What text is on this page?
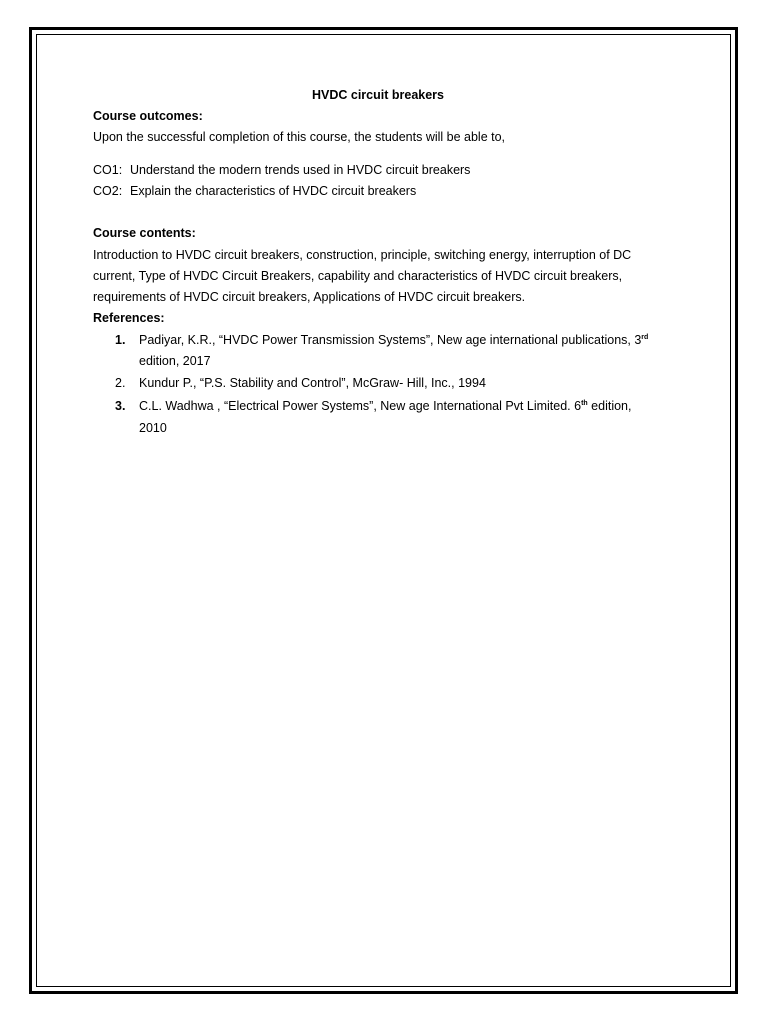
HVDC circuit breakers
Course outcomes:
Upon the successful completion of this course, the students will be able to,
CO1: Understand the modern trends used in HVDC circuit breakers
CO2: Explain the characteristics of HVDC circuit breakers
Course contents:
Introduction to HVDC circuit breakers, construction, principle, switching energy, interruption of DC
current, Type of HVDC Circuit Breakers, capability and characteristics of HVDC circuit breakers,
requirements of HVDC circuit breakers, Applications of HVDC circuit breakers.
References:
1. Padiyar, K.R., “HVDC Power Transmission Systems”, New age international publications, 3rd
edition, 2017
2. Kundur P., “P.S. Stability and Control”, McGraw- Hill, Inc., 1994
3. C.L. Wadhwa , “Electrical Power Systems”, New age International Pvt Limited. 6th edition,
2010
